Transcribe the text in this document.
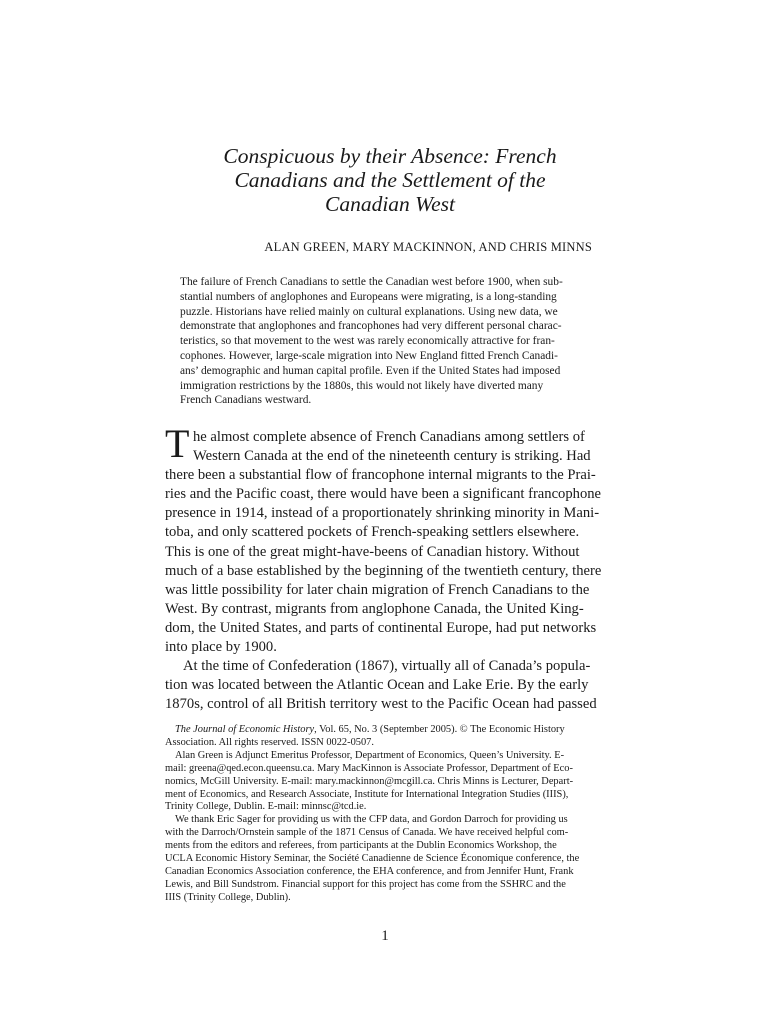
Conspicuous by their Absence: French
Canadians and the Settlement of the
Canadian West
ALAN GREEN, MARY MACKINNON, AND CHRIS MINNS
The failure of French Canadians to settle the Canadian west before 1900, when sub-
stantial numbers of anglophones and Europeans were migrating, is a long-standing
puzzle. Historians have relied mainly on cultural explanations. Using new data, we
demonstrate that anglophones and francophones had very different personal charac-
teristics, so that movement to the west was rarely economically attractive for fran-
cophones. However, large-scale migration into New England fitted French Canadi-
ans’ demographic and human capital profile. Even if the United States had imposed
immigration restrictions by the 1880s, this would not likely have diverted many
French Canadians westward.
T he almost complete absence of French Canadians among settlers of
Western Canada at the end of the nineteenth century is striking. Had
there been a substantial flow of francophone internal migrants to the Prai-
ries and the Pacific coast, there would have been a significant francophone
presence in 1914, instead of a proportionately shrinking minority in Mani-
toba, and only scattered pockets of French-speaking settlers elsewhere.
This is one of the great might-have-beens of Canadian history. Without
much of a base established by the beginning of the twentieth century, there
was little possibility for later chain migration of French Canadians to the
West. By contrast, migrants from anglophone Canada, the United King-
dom, the United States, and parts of continental Europe, had put networks
into place by 1900.
At the time of Confederation (1867), virtually all of Canada’s popula-
tion was located between the Atlantic Ocean and Lake Erie. By the early
1870s, control of all British territory west to the Pacific Ocean had passed
The Journal of Economic History, Vol. 65, No. 3 (September 2005). © The Economic History
Association. All rights reserved. ISSN 0022-0507.
Alan Green is Adjunct Emeritus Professor, Department of Economics, Queen’s University. E-
mail: greena@qed.econ.queensu.ca. Mary MacKinnon is Associate Professor, Department of Eco-
nomics, McGill University. E-mail: mary.mackinnon@mcgill.ca. Chris Minns is Lecturer, Depart-
ment of Economics, and Research Associate, Institute for International Integration Studies (IIIS),
Trinity College, Dublin. E-mail: minnsc@tcd.ie.
We thank Eric Sager for providing us with the CFP data, and Gordon Darroch for providing us
with the Darroch/Ornstein sample of the 1871 Census of Canada. We have received helpful com-
ments from the editors and referees, from participants at the Dublin Economics Workshop, the
UCLA Economic History Seminar, the Société Canadienne de Science Économique conference, the
Canadian Economics Association conference, the EHA conference, and from Jennifer Hunt, Frank
Lewis, and Bill Sundstrom. Financial support for this project has come from the SSHRC and the
IIIS (Trinity College, Dublin).
1
